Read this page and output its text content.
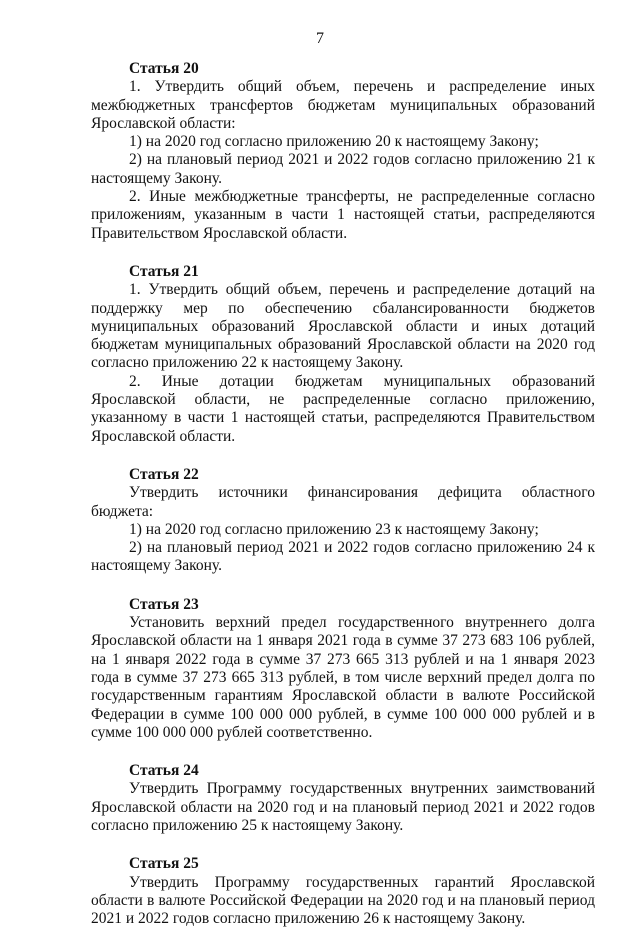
7

Статья 20

1. Утвердить общий объем, перечень и распределение иных межбюджетных трансфертов бюджетам муниципальных образований Ярославской области:

1) на 2020 год согласно приложению 20 к настоящему Закону;

2) на плановый период 2021 и 2022 годов согласно приложению 21 к настоящему Закону.

2. Иные межбюджетные трансферты, не распределенные согласно приложениям, указанным в части 1 настоящей статьи, распределяются Правительством Ярославской области.

Статья 21

1. Утвердить общий объем, перечень и распределение дотаций на поддержку мер по обеспечению сбалансированности бюджетов муниципальных образований Ярославской области и иных дотаций бюджетам муниципальных образований Ярославской области на 2020 год согласно приложению 22 к настоящему Закону.

2. Иные дотации бюджетам муниципальных образований Ярославской области, не распределенные согласно приложению, указанному в части 1 настоящей статьи, распределяются Правительством Ярославской области.

Статья 22

Утвердить источники финансирования дефицита областного бюджета:

1) на 2020 год согласно приложению 23 к настоящему Закону;

2) на плановый период 2021 и 2022 годов согласно приложению 24 к настоящему Закону.

Статья 23

Установить верхний предел государственного внутреннего долга Ярославской области на 1 января 2021 года в сумме 37 273 683 106 рублей, на 1 января 2022 года в сумме 37 273 665 313 рублей и на 1 января 2023 года в сумме 37 273 665 313 рублей, в том числе верхний предел долга по государственным гарантиям Ярославской области в валюте Российской Федерации в сумме 100 000 000 рублей, в сумме 100 000 000 рублей и в сумме 100 000 000 рублей соответственно.

Статья 24

Утвердить Программу государственных внутренних заимствований Ярославской области на 2020 год и на плановый период 2021 и 2022 годов согласно приложению 25 к настоящему Закону.

Статья 25

Утвердить Программу государственных гарантий Ярославской области в валюте Российской Федерации на 2020 год и на плановый период 2021 и 2022 годов согласно приложению 26 к настоящему Закону.
